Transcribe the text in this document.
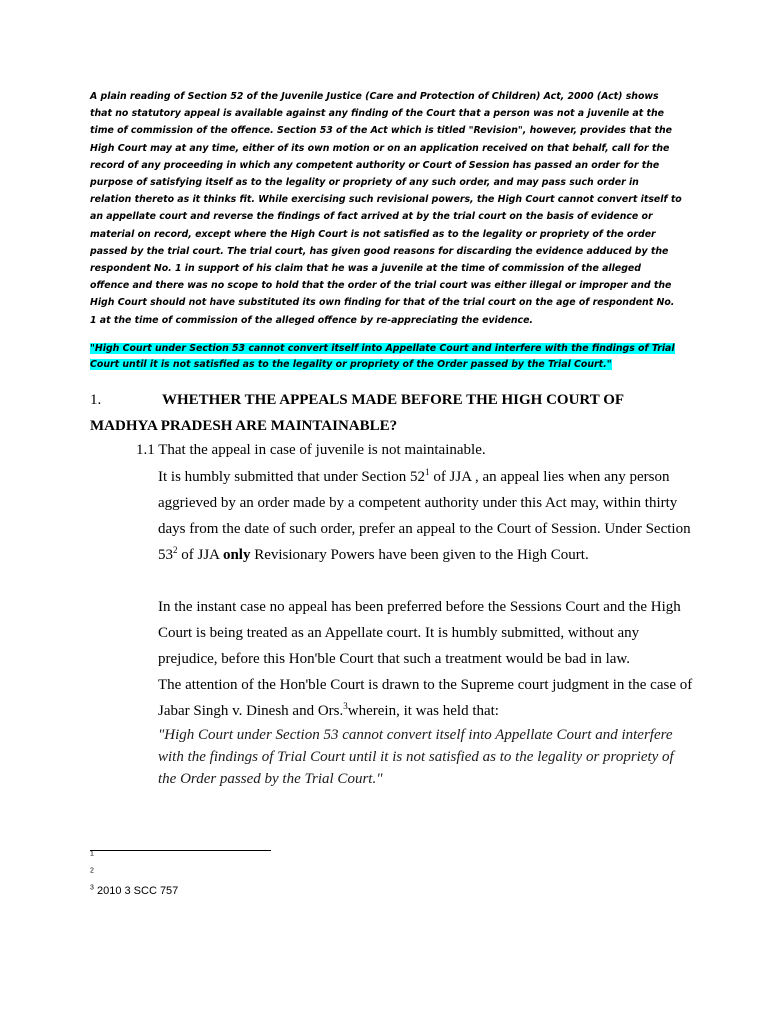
A plain reading of Section 52 of the Juvenile Justice (Care and Protection of Children) Act, 2000 (Act) shows that no statutory appeal is available against any finding of the Court that a person was not a juvenile at the time of commission of the offence. Section 53 of the Act which is titled "Revision", however, provides that the High Court may at any time, either of its own motion or on an application received on that behalf, call for the record of any proceeding in which any competent authority or Court of Session has passed an order for the purpose of satisfying itself as to the legality or propriety of any such order, and may pass such order in relation thereto as it thinks fit. While exercising such revisional powers, the High Court cannot convert itself to an appellate court and reverse the findings of fact arrived at by the trial court on the basis of evidence or material on record, except where the High Court is not satisfied as to the legality or propriety of the order passed by the trial court. The trial court, has given good reasons for discarding the evidence adduced by the respondent No. 1 in support of his claim that he was a juvenile at the time of commission of the alleged offence and there was no scope to hold that the order of the trial court was either illegal or improper and the High Court should not have substituted its own finding for that of the trial court on the age of respondent No. 1 at the time of commission of the alleged offence by re-appreciating the evidence.

"High Court under Section 53 cannot convert itself into Appellate Court and interfere with the findings of Trial Court until it is not satisfied as to the legality or propriety of the Order passed by the Trial Court."

1.	WHETHER THE APPEALS MADE BEFORE THE HIGH COURT OF MADHYA PRADESH ARE MAINTAINABLE?

1.1 That the appeal in case of juvenile is not maintainable.

It is humbly submitted that under Section $52^1$ of JJA , an appeal lies when any person aggrieved by an order made by a competent authority under this Act may, within thirty days from the date of such order, prefer an appeal to the Court of Session. Under Section $53^2$ of JJA only Revisionary Powers have been given to the High Court.

In the instant case no appeal has been preferred before the Sessions Court and the High Court is being treated as an Appellate court. It is humbly submitted, without any prejudice, before this Hon'ble Court that such a treatment would be bad in law.

The attention of the Hon'ble Court is drawn to the Supreme court judgment in the case of Jabar Singh v. Dinesh and Ors.$^3$wherein, it was held that:

"High Court under Section 53 cannot convert itself into Appellate Court and interfere with the findings of Trial Court until it is not satisfied as to the legality or propriety of the Order passed by the Trial Court."

$^1$

$^2$

$^3$ 2010 3 SCC 757
